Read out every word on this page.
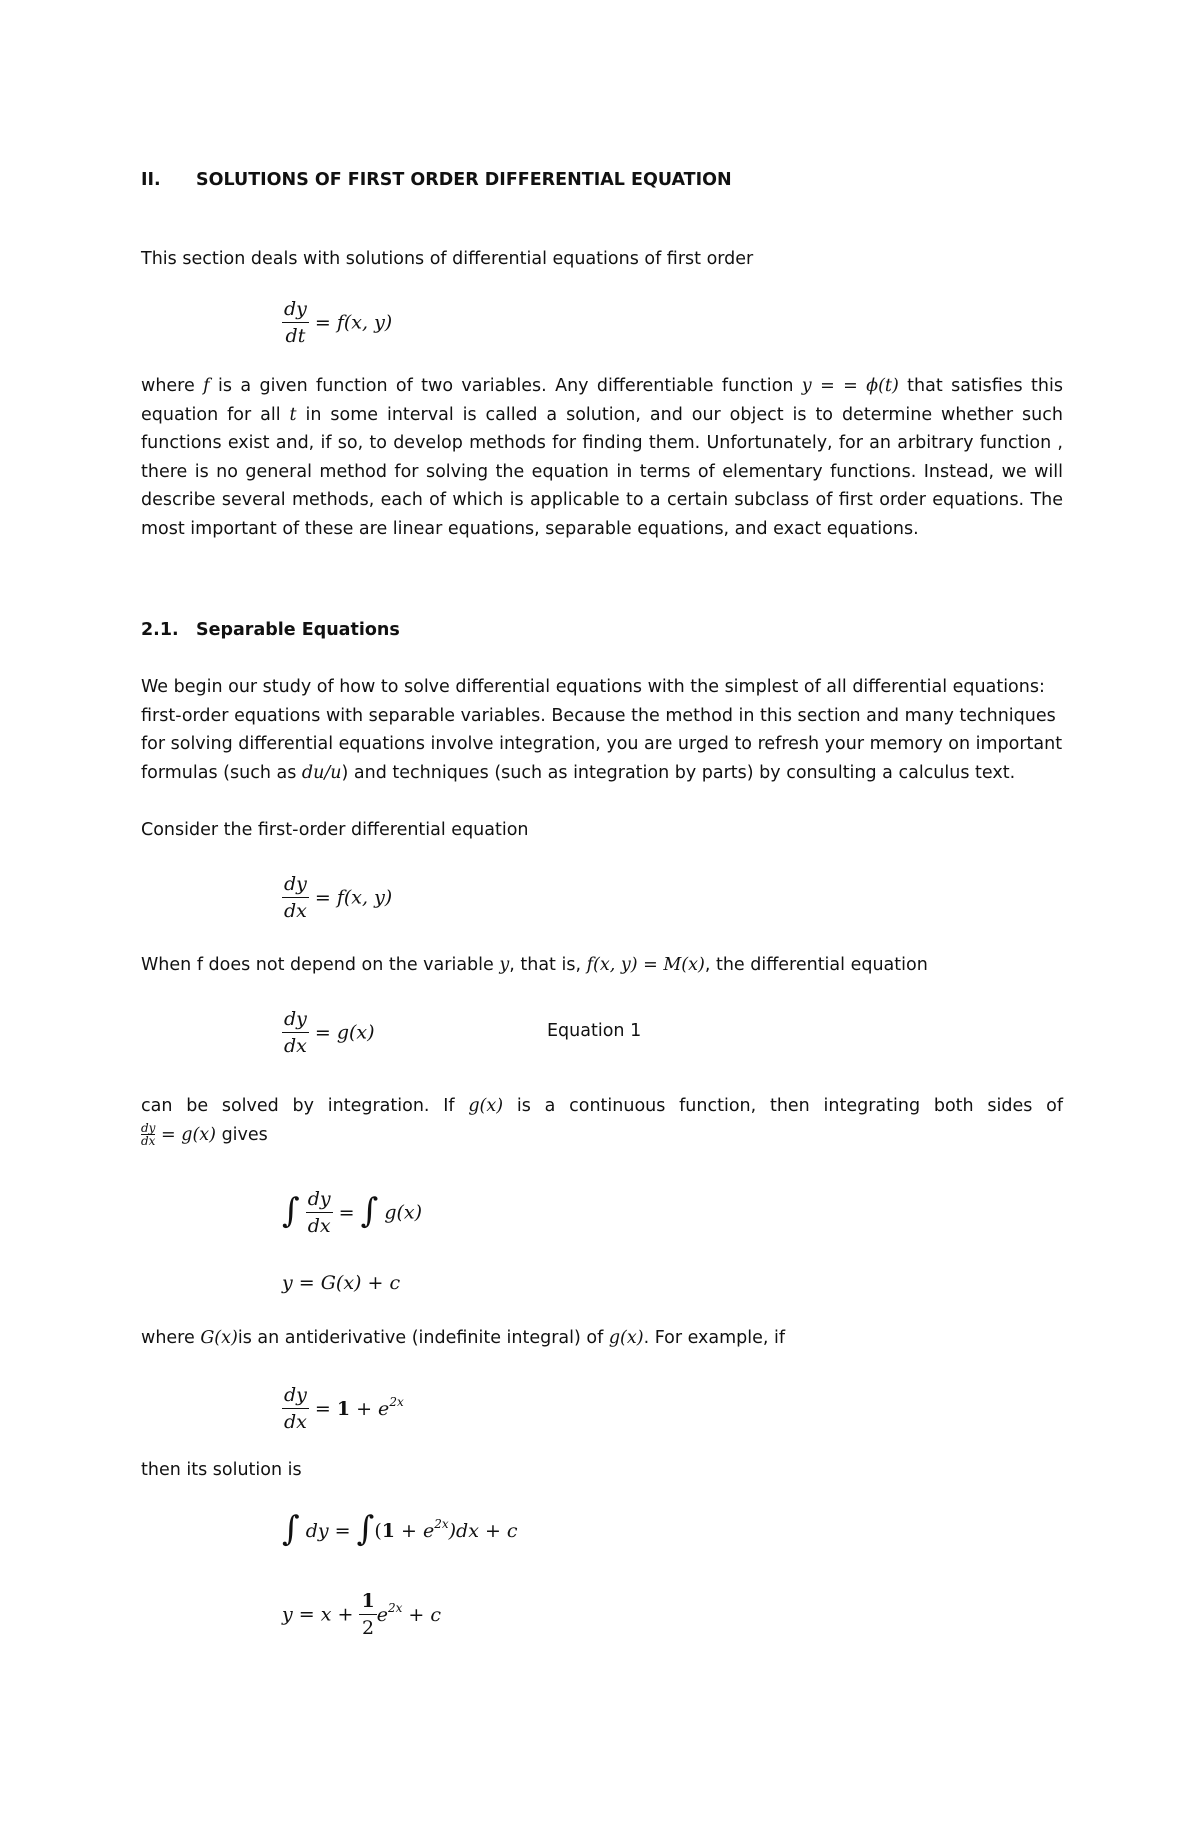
II. SOLUTIONS OF FIRST ORDER DIFFERENTIAL EQUATION
This section deals with solutions of differential equations of first order
$\frac{dy}{dt} = f(x$, y)
where f is a given function of two variables. Any differentiable function y = = ϕ(t) that satisfies this
equation for all t in some interval is called a solution, and our object is to determine whether such
functions exist and, if so, to develop methods for finding them. Unfortunately, for an arbitrary function ,
there is no general method for solving the equation in terms of elementary functions. Instead, we will
describe several methods, each of which is applicable to a certain subclass of first order equations. The
most important of these are linear equations, separable equations, and exact equations.
2.1. Separable Equations
We begin our study of how to solve differential equations with the simplest of all differential equations:
first-order equations with separable variables. Because the method in this section and many techniques
for solving differential equations involve integration, you are urged to refresh your memory on important
formulas (such as du/u) and techniques (such as integration by parts) by consulting a calculus text.
Consider the first-order differential equation
$\frac{dy}{dx} = f(x$, y)
When f does not depend on the variable y, that is, f(x, y) = M(x), the differential equation
$\frac{dy}{dx} = g(x)$	Equation 1
can be solved by integration. If g(x) is a continuous function, then integrating both sides of
$\frac{dy}{dx} = g(x)$ gives
∫ $\frac{dy}{dx}$ = ∫ g(x)
y = G(x) + c
where G(x)is an antiderivative (indefinite integral) of g(x). For example, if
$\frac{dy}{dx} = 1 + e^{2x}$
then its solution is
∫ dy = $\int(1 + e^{2x})dx + c$
$y = x + \frac{1}{2} e^{2x} + c$
